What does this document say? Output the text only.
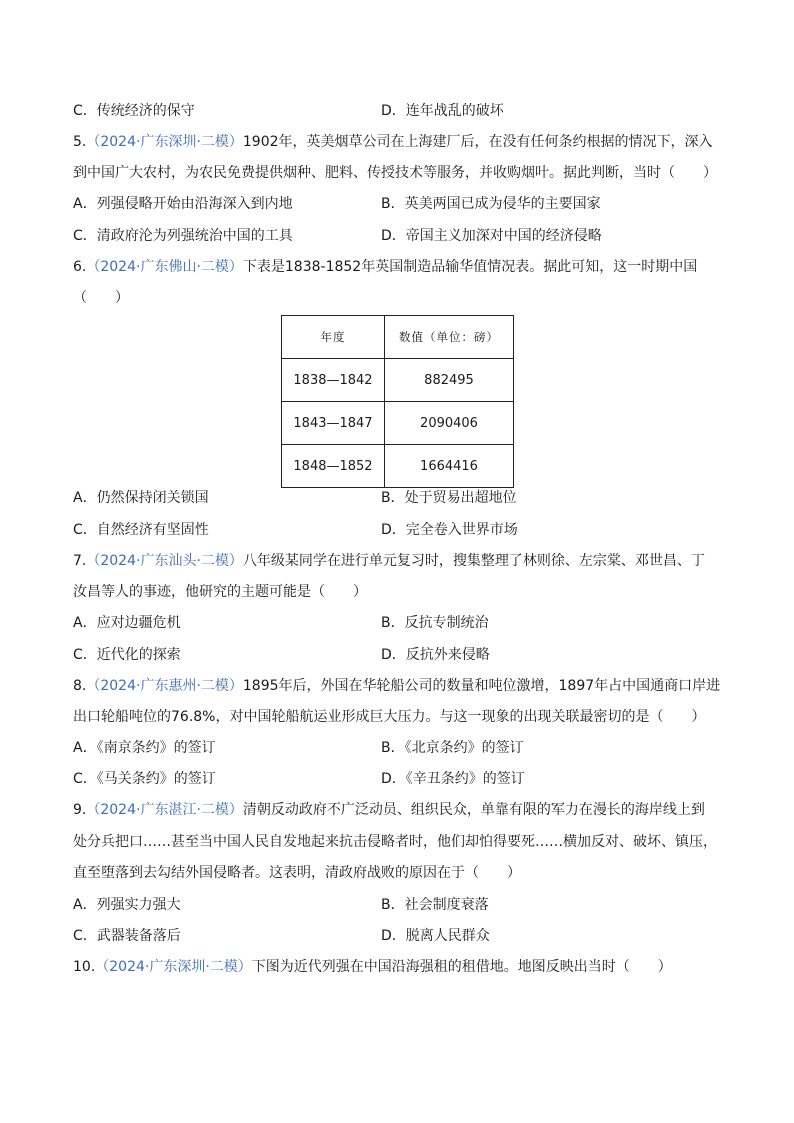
C．传统经济的保守	D．连年战乱的破坏
5.（2024·广东深圳·二模）1902年，英美烟草公司在上海建厂后，在没有任何条约根据的情况下，深入
到中国广大农村，为农民免费提供烟种、肥料、传授技术等服务，并收购烟叶。据此判断，当时（　　）
A．列强侵略开始由沿海深入到内地	B．英美两国已成为侵华的主要国家
C．清政府沦为列强统治中国的工具	D．帝国主义加深对中国的经济侵略
6.（2024·广东佛山·二模）下表是1838-1852年英国制造品输华值情况表。据此可知，这一时期中国
（　　）
年度	数值（单位：磅）
1838—1842	882495
1843—1847	2090406
1848—1852	1664416
A．仍然保持闭关锁国	B．处于贸易出超地位
C．自然经济有坚固性	D．完全卷入世界市场
7.（2024·广东汕头·二模）八年级某同学在进行单元复习时，搜集整理了林则徐、左宗棠、邓世昌、丁
汝昌等人的事迹，他研究的主题可能是（　　）
A．应对边疆危机	B．反抗专制统治
C．近代化的探索	D．反抗外来侵略
8.（2024·广东惠州·二模）1895年后，外国在华轮船公司的数量和吨位激增，1897年占中国通商口岸进
出口轮船吨位的76.8%，对中国轮船航运业形成巨大压力。与这一现象的出现关联最密切的是（　　）
A．《南京条约》的签订	B．《北京条约》的签订
C．《马关条约》的签订	D．《辛丑条约》的签订
9.（2024·广东湛江·二模）清朝反动政府不广泛动员、组织民众，单靠有限的军力在漫长的海岸线上到
处分兵把口……甚至当中国人民自发地起来抗击侵略者时，他们却怕得要死……横加反对、破坏、镇压，
直至堕落到去勾结外国侵略者。这表明，清政府战败的原因在于（　　）
A．列强实力强大	B．社会制度衰落
C．武器装备落后	D．脱离人民群众
10.（2024·广东深圳·二模）下图为近代列强在中国沿海强租的租借地。地图反映出当时（　　）
